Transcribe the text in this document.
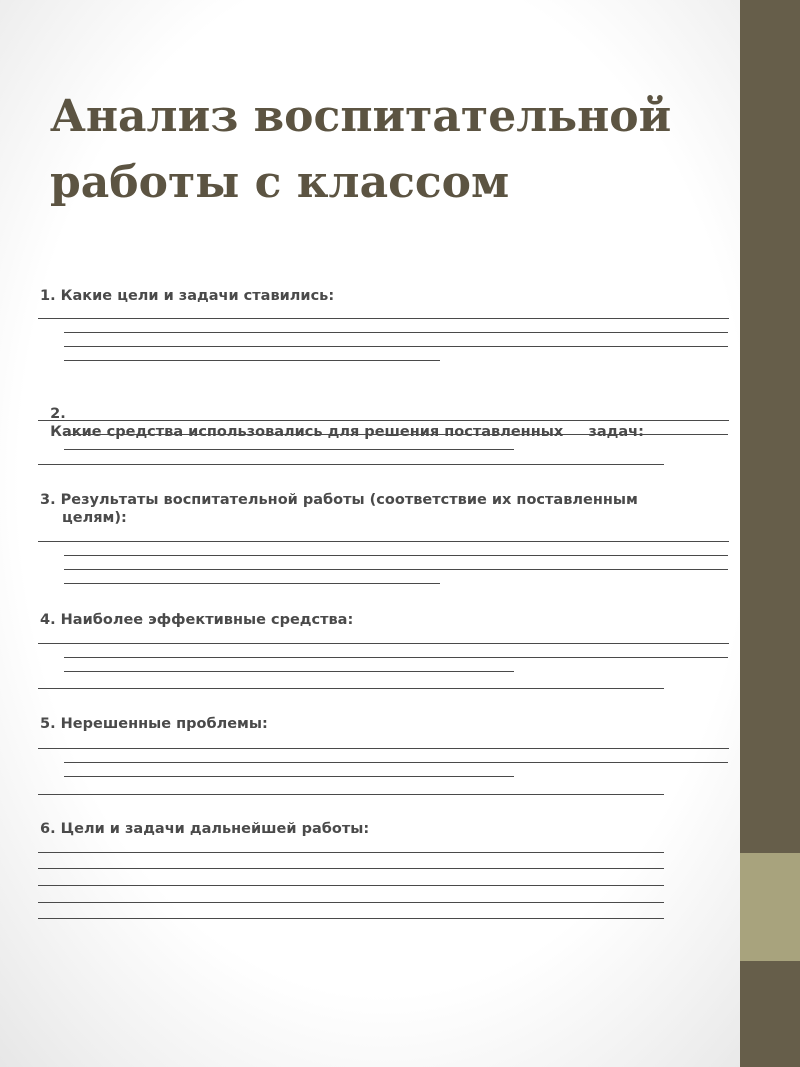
Анализ воспитательной работы с классом
1. Какие цели и задачи ставились:

2.
Какие средства использовались для решения поставленных     задач:

3. Результаты воспитательной работы (соответствие их поставленным целям):
4. Наиболее эффективные средства:
5. Нерешенные проблемы:
6. Цели и задачи дальнейшей работы:
